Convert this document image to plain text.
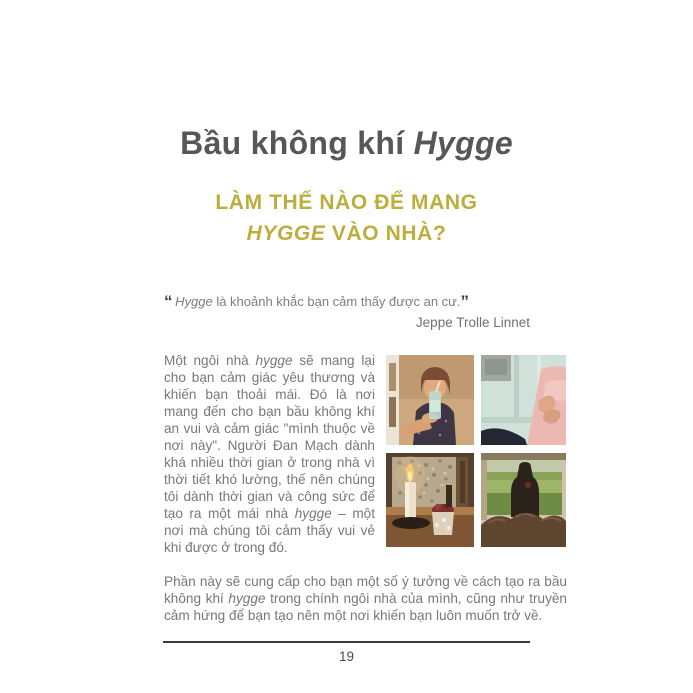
Bầu không khí Hygge
LÀM THẾ NÀO ĐỂ MANG
HYGGE VÀO NHÀ?
“ Hygge là khoảnh khắc bạn cảm thấy được an cư.”
Jeppe Trolle Linnet

Một ngôi nhà hygge sẽ mang lại cho bạn cảm giác yêu thương và khiến bạn thoải mái. Đó là nơi mang đến cho bạn bầu không khí an vui và cảm giác "mình thuộc về nơi này". Người Đan Mạch dành khá nhiều thời gian ở trong nhà vì thời tiết khó lường, thế nên chúng tôi dành thời gian và công sức để tạo ra một mái nhà hygge – một nơi mà chúng tôi cảm thấy vui vẻ khi được ở trong đó.

Phần này sẽ cung cấp cho bạn một số ý tưởng về cách tạo ra bầu không khí hygge trong chính ngôi nhà của mình, cũng như truyền cảm hứng để bạn tạo nên một nơi khiến bạn luôn muốn trở về.

19
